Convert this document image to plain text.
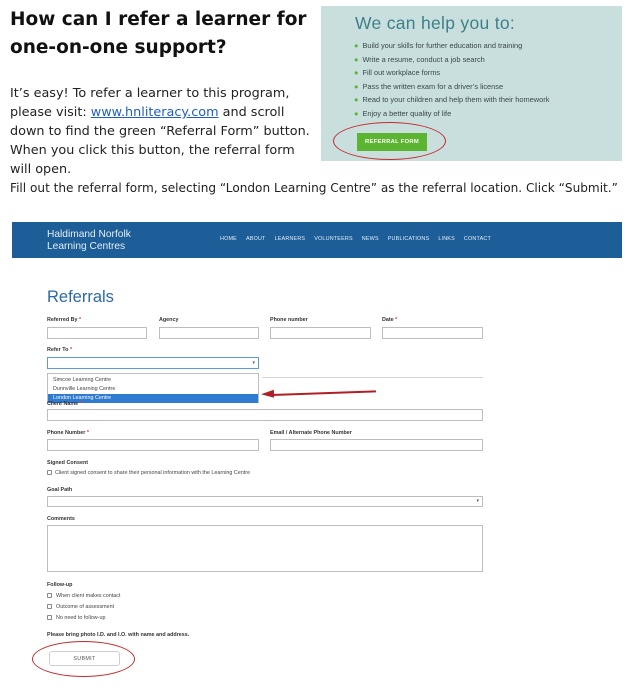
How can I refer a learner for
one-on-one support?
It’s easy! To refer a learner to this program, please visit: www.hnliteracy.com and scroll down to find the green “Referral Form” button. When you click this button, the referral form will open.
We can help you to:
● Build your skills for further education and training
● Write a resume, conduct a job search
● Fill out workplace forms
● Pass the written exam for a driver’s license
● Read to your children and help them with their homework
● Enjoy a better quality of life
REFERRAL FORM
Fill out the referral form, selecting “London Learning Centre” as the referral location. Click “Submit.”
Haldimand Norfolk
Learning Centres
HOME ABOUT LEARNERS VOLUNTEERS NEWS PUBLICATIONS LINKS CONTACT
Referrals
Referred By *	Agency	Phone number	Date *
Refer To *
▾
Simcoe Learning Centre
Dunnville Learning Centre
London Learning Centre
Client Name *
Phone Number *	Email / Alternate Phone Number
Signed Consent
Client signed consent to share their personal information with the Learning Centre
Goal Path
▾
Comments
Follow-up
When client makes contact
Outcome of assessment
No need to follow-up
Please bring photo I.D. and I.O. with name and address.
SUBMIT
